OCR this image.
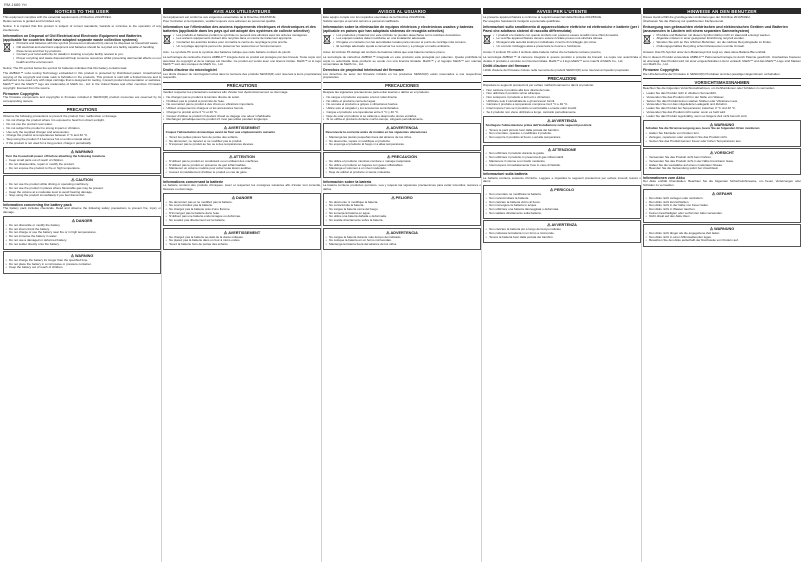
RM-1686 Yrt
NOTICES TO THE USER

This equipment complies with the essential requirements of Directive 2014/53/EU.

Retain service is guided and furnished only.

Notice: It is implied that this product is subject of correct standards, hazards to minimise to the operation of any interference.

Information on Disposal of Old Electrical and Electronic Equipment and Batteries (applicable for countries that have adopted separate waste collection systems)
• Products and batteries with the symbol (crossed-out wheeled bin) cannot be disposed as household waste.
• Old electrical and electronic equipment and batteries should be recycled at a facility capable of handling these items and their by-products.
• Contact your local authority for details in locating a recycle facility nearest to you.
• Proper recycling and waste disposal will help conserve resources whilst preventing detrimental effects on our health and the environment.

Notice: The Pb symbol below the symbol for batteries indicates that this battery contains lead.

The AMBILK™ Lobo tooling Technology embedded in this product is protected by Distributed patent. Unauthorized copying of the copyright and trade mark is forbidden in the products. This product is sold with a limited licence and is authorized to be used only with inkjet cartridge that is designed for tooling. Consult product documentation or websites. MatiS™ and the MatiS™ logo are trademarks of MatiS Co., Ltd. in the United States and other countries. Firmware copyright: licensed from the source.

Firmware Copyrights

The firmware components and copyrights in firmware included in SENKO(R) product memories are reserved by its corresponding owners.

PRECAUTIONS

Observe the following precautions to prevent the product from malfunction or damage.

• Do not charge the product where it is exposed to heat from direct sunlight.
• Do not use the product near water.
• Do not subject the product to strong impact or vibration.
• Use only the supplied charger and accessories.
• Charge the product at temperatures between 0 °C and 40 °C.
• Stop using the product if it becomes hot or emits unusual odour.
• If the product is not used for a long period, charge it periodically.
⚠WARNING

Turn the household power off before attaching the following locations

• Keep small parts out of reach of children.
• Do not disassemble, repair or modify the product.
• Do not expose the product to fire or high temperature.
⚠CAUTION
• Do not use the product while driving or operating machinery.
• Do not use the product in places where flammable gas may be present.
• Keep the volume at a moderate level to avoid hearing damage.
• Stop using the product immediately if you feel discomfort.
Information concerning the battery pack

The battery pack includes chemicals. Read and observe the following safety precautions to prevent fire, injury or damage.

⚠DANGER
• Do not dismantle or modify the battery.
• Do not short-circuit the battery.
• Do not charge or use the battery near fire or in high temperatures.
• Do not immerse the battery in water.
• Do not use a damaged or deformed battery.
• Do not solder directly onto the battery.
⚠WARNING
• Do not charge the battery for longer than the specified time.
• Do not place the battery in a microwave or pressure container.
• Keep the battery out of reach of children.
AVIS AUX UTILISATEURS

Cet équipement est conforme aux exigences essentielles de la Directive 2014/53/UE.

Pour l'entretien et la réparation, veuillez toujours vous adresser au personnel qualifié.

Information sur l'élimination des anciens équipements électriques et électroniques et des batteries (applicable dans les pays qui ont adopté des systèmes de collecte sélective)
• Les produits et batteries portant ce symbole ne peuvent être éliminés avec les ordures ménagères.
• Les anciens équipements doivent être recyclés dans un centre de traitement approprié.
• Contactez les autorités locales pour connaître le centre de recyclage le plus proche.
• Un recyclage approprié permet de préserver les ressources et l'environnement.

Avis : Le symbole Pb sous le symbole des batteries indique que cette batterie contient du plomb.

La technologie de cartouche d'encre AMBILK™ intégrée dans ce produit est protégée par des brevets. Toute copie non autorisée du copyright et de la marque est interdite. Ce produit est vendu avec une licence limitée. MatiS™ et le logo MatiS™ sont des marques de MatiS Co., Ltd.

Droits d'auteur du micrologiciel

Les droits d'auteur du micrologiciel inclus dans la mémoire des produits SENKO(R) sont réservés à leurs propriétaires respectifs.

PRÉCAUTIONS

Veuillez respecter les précautions suivantes afin d'éviter tout dysfonctionnement ou dommage.

• Ne chargez pas le produit à la lumière directe du soleil.
• N'utilisez pas le produit à proximité de l'eau.
• Ne soumettez pas le produit à des chocs ou vibrations importants.
• Utilisez uniquement le chargeur et les accessoires fournis.
• Chargez le produit entre 0 °C et 40 °C.
• Cessez d'utiliser le produit s'il devient chaud ou dégage une odeur inhabituelle.
• Rechargez périodiquement le produit s'il n'est pas utilisé pendant longtemps.
⚠AVERTISSEMENT

Coupez l'alimentation domestique avant de fixer aux emplacements suivants

• Tenez les petites pièces hors de portée des enfants.
• Ne démontez, ne réparez et ne modifiez pas le produit.
• N'exposez pas le produit au feu ou à des températures élevées.
⚠ATTENTION
• N'utilisez pas le produit en conduisant ou en utilisant des machines.
• N'utilisez pas le produit en présence de gaz inflammables.
• Maintenez un volume modéré pour éviter toute lésion auditive.
• Cessez immédiatement d'utiliser le produit en cas de gêne.
Informations concernant la batterie

La batterie contient des produits chimiques. Lisez et respectez les consignes suivantes afin d'éviter tout incendie, blessure ou dommage.

⚠DANGER
• Ne démontez pas et ne modifiez pas la batterie.
• Ne court-circuitez pas la batterie.
• Ne chargez pas la batterie près d'une flamme.
• N'immergez pas la batterie dans l'eau.
• N'utilisez pas une batterie endommagée ou déformée.
• Ne soudez pas directement sur la batterie.
⚠AVERTISSEMENT
• Ne chargez pas la batterie au-delà de la durée indiquée.
• Ne placez pas la batterie dans un four à micro-ondes.
• Tenez la batterie hors de portée des enfants.
AVISOS AL USUARIO

Este equipo cumple con los requisitos esenciales de la Directiva 2014/53/UE.

Solicite siempre el servicio técnico a personal cualificado.

Información sobre la eliminación de equipos eléctricos y electrónicos usados y baterías (aplicable en países que han adoptado sistemas de recogida selectiva)
• Los productos y baterías con este símbolo no pueden desecharse como residuos domésticos.
• Los equipos usados deben reciclarse en una instalación adecuada.
• Póngase en contacto con las autoridades locales para conocer el punto de reciclaje más cercano.
• El reciclaje adecuado ayuda a conservar los recursos y a proteger el medio ambiente.

Aviso: El símbolo Pb debajo del símbolo de baterías indica que esta batería contiene plomo.

La tecnología de cartuchos AMBILK™ integrada en este producto está protegida por patentes. Queda prohibida la copia no autorizada. Este producto se vende con una licencia limitada. MatiS™ y el logotipo MatiS™ son marcas comerciales de MatiS Co., Ltd.

Derechos de propiedad intelectual del firmware

Los derechos de autor del firmware incluido en los productos SENKO(R) están reservados a sus respectivos propietarios.

PRECAUCIONES

Respete las siguientes precauciones para evitar averías o daños en el producto.

• No cargue el producto expuesto a la luz solar directa.
• No utilice el producto cerca del agua.
• No someta el producto a golpes o vibraciones fuertes.
• Utilice solo el cargador y los accesorios suministrados.
• Cargue el producto a temperaturas entre 0 °C y 40 °C.
• Deje de usar el producto si se calienta o desprende olores extraños.
• Si no utiliza el producto durante mucho tiempo, cárguelo periódicamente.
⚠ADVERTENCIA

Desconecte la corriente antes de instalar en las siguientes ubicaciones

• Mantenga las piezas pequeñas fuera del alcance de los niños.
• No desmonte, repare ni modifique el producto.
• No exponga el producto al fuego ni a altas temperaturas.
⚠PRECAUCIÓN
• No utilice el producto mientras conduce o maneja maquinaria.
• No utilice el producto en lugares con gases inflamables.
• Mantenga el volumen a un nivel moderado.
• Deje de utilizar el producto si siente molestias.
Información sobre la batería

La batería contiene productos químicos. Lea y respete las siguientes precauciones para evitar incendios, lesiones o daños.

⚠PELIGRO
• No desmonte ni modifique la batería.
• No cortocircuite la batería.
• No cargue la batería cerca del fuego.
• No sumerja la batería en agua.
• No utilice una batería dañada o deformada.
• No suelde directamente sobre la batería.
⚠ADVERTENCIA
• No cargue la batería durante más tiempo del indicado.
• No coloque la batería en un horno microondas.
• Mantenga la batería fuera del alcance de los niños.
AVVISI PER L'UTENTE

La presente apparecchiatura è conforme ai requisiti essenziali della Direttiva 2014/53/UE.

Per eseguire l'assistenza rivolgersi a personale qualificato.

Informazioni sullo smaltimento di apparecchiature elettriche ed elettroniche e batterie (per i Paesi che adottano sistemi di raccolta differenziata)
• I prodotti e le batterie con questo simbolo non possono essere smaltiti come rifiuti domestici.
• Le vecchie apparecchiature devono essere riciclate presso una struttura idonea.
• Rivolgersi alle autorità locali per individuare il centro di riciclaggio più vicino.
• Un corretto riciclaggio aiuta a preservare le risorse e l'ambiente.

Avviso: Il simbolo Pb sotto il simbolo delle batterie indica che la batteria contiene piombo.

La tecnologia AMBILK™ di cartucce integrata in questo prodotto è protetta da brevetti. La copia non autorizzata è vietata. Il prodotto è venduto con licenza limitata. MatiS™ e il logo MatiS™ sono marchi di MatiS Co., Ltd.

Diritti d'autore del firmware

I diritti d'autore del firmware incluso nella memoria dei prodotti SENKO(R) sono riservati ai rispettivi proprietari.

PRECAUZIONI

Rispettare le seguenti precauzioni per evitare malfunzionamenti o danni al prodotto.

• Non caricare il prodotto alla luce diretta del sole.
• Non utilizzare il prodotto vicino all'acqua.
• Non sottoporre il prodotto a forti urti o vibrazioni.
• Utilizzare solo il caricabatterie e gli accessori forniti.
• Caricare il prodotto a temperature comprese tra 0 °C e 40 °C.
• Interrompere l'uso se il prodotto si surriscalda o emette odori insoliti.
• Se il prodotto non viene utilizzato a lungo, caricarlo periodicamente.
⚠AVVERTENZA

Scollegare l'alimentazione prima dell'installazione nelle seguenti posizioni

• Tenere le parti piccole fuori dalla portata dei bambini.
• Non smontare, riparare o modificare il prodotto.
• Non esporre il prodotto al fuoco o ad alte temperature.
⚠ATTENZIONE
• Non utilizzare il prodotto durante la guida.
• Non utilizzare il prodotto in presenza di gas infiammabili.
• Mantenere il volume a un livello moderato.
• Interrompere immediatamente l'uso in caso di fastidio.
Informazioni sulla batteria

La batteria contiene sostanze chimiche. Leggere e rispettare le seguenti precauzioni per evitare incendi, lesioni o danni.

⚠PERICOLO
• Non smontare né modificare la batteria.
• Non cortocircuitare la batteria.
• Non caricare la batteria vicino al fuoco.
• Non immergere la batteria in acqua.
• Non utilizzare una batteria danneggiata o deformata.
• Non saldare direttamente sulla batteria.
⚠AVVERTENZA
• Non caricare la batteria più a lungo del tempo indicato.
• Non collocare la batteria in un forno a microonde.
• Tenere la batteria fuori dalla portata dei bambini.
HINWEISE AN DEN BENUTZER

Dieses Gerät erfüllt die grundlegenden Anforderungen der Richtlinie 2014/53/EU.

Überlassen Sie die Wartung nur qualifiziertem Fachpersonal.

Entsorgung von gebrauchten elektrischen und elektronischen Geräten und Batterien (anzuwenden in Ländern mit einem separaten Sammelsystem)
• Produkte und Batterien mit diesem Symbol dürfen nicht im Hausmüll entsorgt werden.
• Altgeräte müssen in einer geeigneten Einrichtung recycelt werden.
• Wenden Sie sich an Ihre örtlichen Behörden, um die nächste Recyclingstelle zu finden.
• Ordnungsgemäßes Recycling schont Ressourcen und die Umwelt.

Hinweis: Das Pb-Symbol unter dem Batteriesymbol zeigt an, dass diese Batterie Blei enthält.

Die in diesem Produkt verwendete AMBILK™ Patronentechnologie ist durch Patente geschützt. Unerlaubtes Kopieren ist untersagt. Das Produkt wird mit einer eingeschränkten Lizenz verkauft. MatiS™ und das MatiS™-Logo sind Marken von MatiS Co., Ltd.

Firmware Copyrights

Die Urheberrechte der Firmware in SENKO(R) Produkten sind den jeweiligen Eigentümern vorbehalten.

VORSICHTSMASSNAHMEN

Beachten Sie die folgenden Vorsichtsmaßnahmen, um Fehlfunktionen oder Schäden zu vermeiden.

• Laden Sie das Produkt nicht in direktem Sonnenlicht.
• Verwenden Sie das Produkt nicht in der Nähe von Wasser.
• Setzen Sie das Produkt keinen starken Stößen oder Vibrationen aus.
• Verwenden Sie nur das mitgelieferte Ladegerät und Zubehör.
• Laden Sie das Produkt bei Temperaturen zwischen 0 °C und 40 °C.
• Verwenden Sie das Produkt nicht weiter, wenn es heiß wird.
• Laden Sie das Produkt regelmäßig, wenn es längere Zeit nicht benutzt wird.
⚠WARNUNG

Schalten Sie die Stromversorgung aus, bevor Sie an folgenden Orten montieren

• Halten Sie Kleinteile von Kindern fern.
• Zerlegen, reparieren oder verändern Sie das Produkt nicht.
• Setzen Sie das Produkt keinem Feuer oder hohen Temperaturen aus.
⚠VORSICHT
• Verwenden Sie das Produkt nicht beim Fahren.
• Verwenden Sie das Produkt nicht in der Nähe brennbarer Gase.
• Halten Sie die Lautstärke auf einem moderaten Niveau.
• Beenden Sie die Verwendung sofort bei Unwohlsein.
Informationen zum Akku

Der Akku enthält Chemikalien. Beachten Sie die folgenden Sicherheitshinweise, um Feuer, Verletzungen oder Schäden zu vermeiden.

⚠GEFAHR
• Den Akku nicht zerlegen oder verändern.
• Den Akku nicht kurzschließen.
• Den Akku nicht in der Nähe von Feuer laden.
• Den Akku nicht in Wasser tauchen.
• Keinen beschädigten oder verformten Akku verwenden.
• Nicht direkt auf den Akku löten.
⚠WARNUNG
• Den Akku nicht länger als die angegebene Zeit laden.
• Den Akku nicht in einen Mikrowellenofen legen.
• Bewahren Sie den Akku außerhalb der Reichweite von Kindern auf.
